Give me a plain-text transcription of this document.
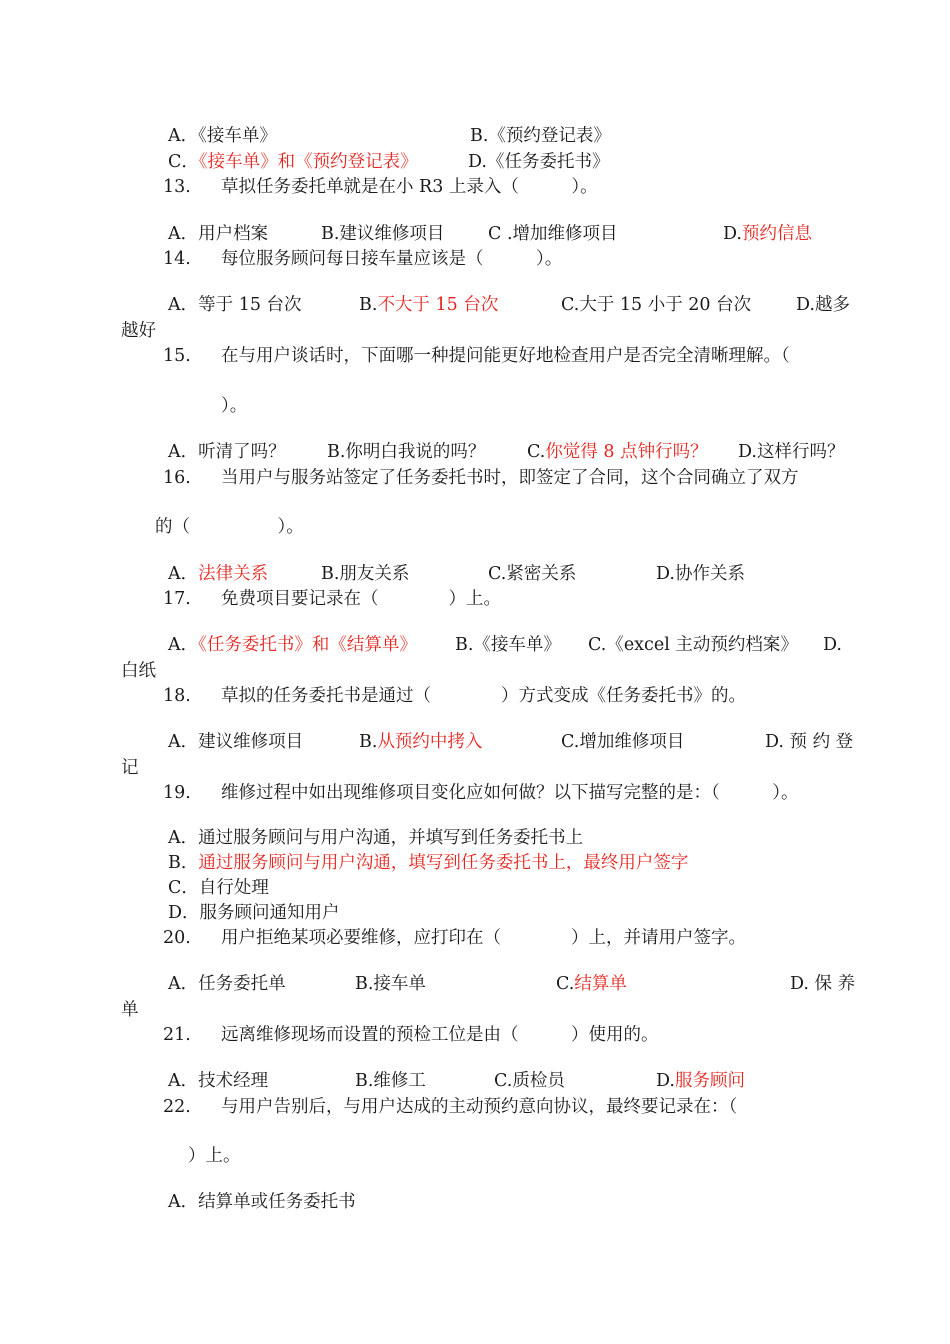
A．《接车单》	B.《预约登记表》
C．《接车单》和《预约登记表》	D.《任务委托书》
13. 草拟任务委托单就是在小 R3 上录入（　　　）。
A．用户档案	B.建议维修项目 C .增加维修项目	D.预约信息
14. 每位服务顾问每日接车量应该是（　　　）。
A．等于 15 台次	B.不大于 15 台次	C.大于 15 小于 20 台次	D.越多
越好
15. 在与用户谈话时，下面哪一种提问能更好地检查用户是否完全清晰理解。（
）。
A．听清了吗？ B.你明白我说的吗？ C.你觉得 8 点钟行吗？ D.这样行吗？
16. 当用户与服务站签定了任务委托书时，即签定了合同，这个合同确立了双方
的（　　　　　）。
A．法律关系	B.朋友关系	C.紧密关系	D.协作关系
17. 免费项目要记录在（　　　　）上。
A．《任务委托书》和《结算单》 B.《接车单》 C.《excel 主动预约档案》 D.
白纸
18. 草拟的任务委托书是通过（　　　　）方式变成《任务委托书》的。
A．建议维修项目	B.从预约中拷入	C.增加维修项目	D. 预 约 登
记
19. 维修过程中如出现维修项目变化应如何做？以下描写完整的是：（　　　）。
A．通过服务顾问与用户沟通，并填写到任务委托书上
B．通过服务顾问与用户沟通，填写到任务委托书上，最终用户签字
C．自行处理
D．服务顾问通知用户
20. 用户拒绝某项必要维修，应打印在（　　　　）上，并请用户签字。
A．任务委托单	B.接车单	C.结算单	D. 保 养
单
21. 远离维修现场而设置的预检工位是由（　　　）使用的。
A．技术经理	B.维修工	C.质检员	D.服务顾问
22. 与用户告别后，与用户达成的主动预约意向协议，最终要记录在：（
）上。
A．结算单或任务委托书
